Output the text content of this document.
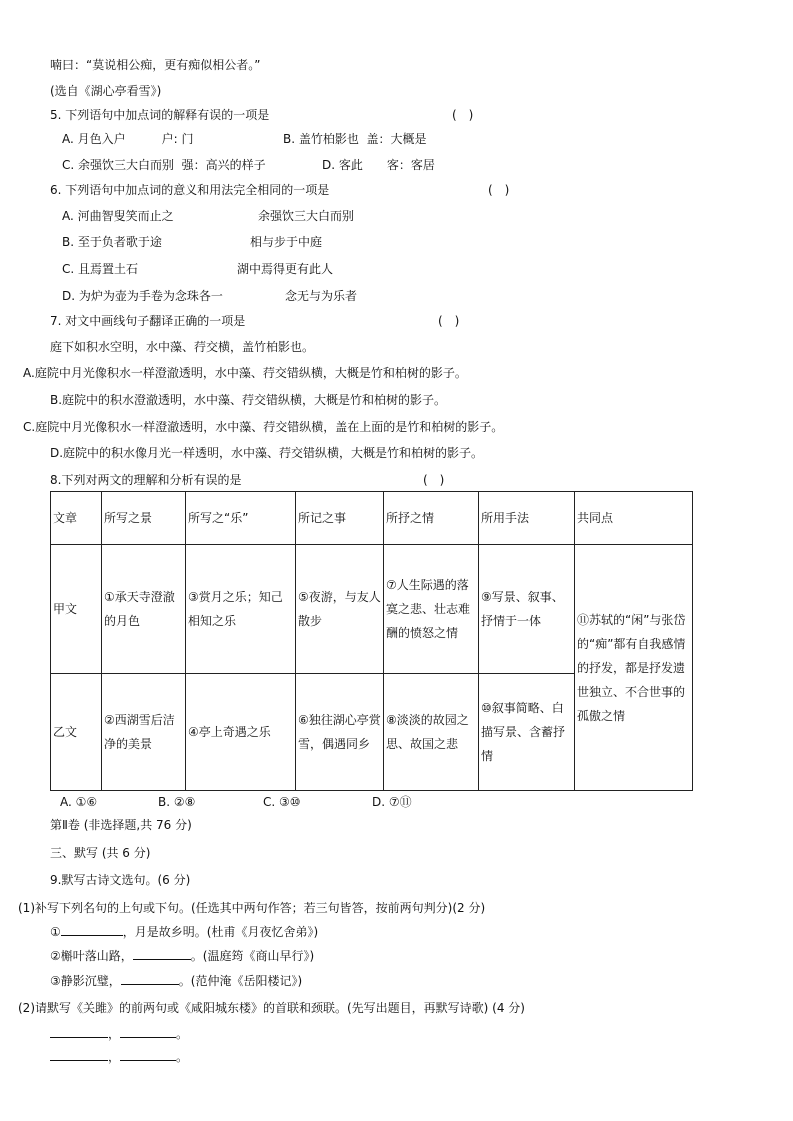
喃曰：“莫说相公痴，更有痴似相公者。”
(选自《湖心亭看雪》)
5. 下列语句中加点词的解释有误的一项是	(　)
A. 月色入户　　　户: 门	B. 盖竹柏影也  盖：大概是
C. 余强饮三大白而别  强：高兴的样子	D. 客此　　客：客居
6. 下列语句中加点词的意义和用法完全相同的一项是	(　)
A. 河曲智叟笑而止之	余强饮三大白而别
B. 至于负者歌于途	相与步于中庭
C. 且焉置土石	湖中焉得更有此人
D. 为炉为壶为手卷为念珠各一	念无与为乐者
7. 对文中画线句子翻译正确的一项是	(　)
庭下如积水空明，水中藻、荇交横，盖竹柏影也。
A.庭院中月光像积水一样澄澈透明，水中藻、荇交错纵横，大概是竹和柏树的影子。
B.庭院中的积水澄澈透明，水中藻、荇交错纵横，大概是竹和柏树的影子。
C.庭院中月光像积水一样澄澈透明，水中藻、荇交错纵横，盖在上面的是竹和柏树的影子。
D.庭院中的积水像月光一样透明，水中藻、荇交错纵横，大概是竹和柏树的影子。
8.下列对两文的理解和分析有误的是	(　)
文章	所写之景	所写之“乐”	所记之事	所抒之情	所用手法	共同点
甲文	①承天寺澄澈的月色	③赏月之乐；知己相知之乐	⑤夜游，与友人散步	⑦人生际遇的落寞之悲、壮志难酬的愤怒之情	⑨写景、叙事、抒情于一体	⑪苏轼的“闲”与张岱的“痴”都有自我感情的抒发，都是抒发遗世独立、不合世事的孤傲之情
乙文	②西湖雪后洁净的美景	④亭上奇遇之乐	⑥独往湖心亭赏雪，偶遇同乡	⑧淡淡的故园之思、故国之悲	⑩叙事简略、白描写景、含蓄抒情	
A. ①⑥	B. ②⑧	C. ③⑩	D. ⑦⑪
第Ⅱ卷 (非选择题,共 76 分)
三、默写 (共 6 分)
9.默写古诗文选句。(6 分)
(1)补写下列名句的上句或下句。(任选其中两句作答；若三句皆答，按前两句判分)(2 分)
①	，月是故乡明。(杜甫《月夜忆舍弟》)
②槲叶落山路，	。(温庭筠《商山早行》)
③静影沉璧，	。(范仲淹《岳阳楼记》)
(2)请默写《关雎》的前两句或《咸阳城东楼》的首联和颈联。(先写出题目，再默写诗歌) (4 分)
，	。
，	。
